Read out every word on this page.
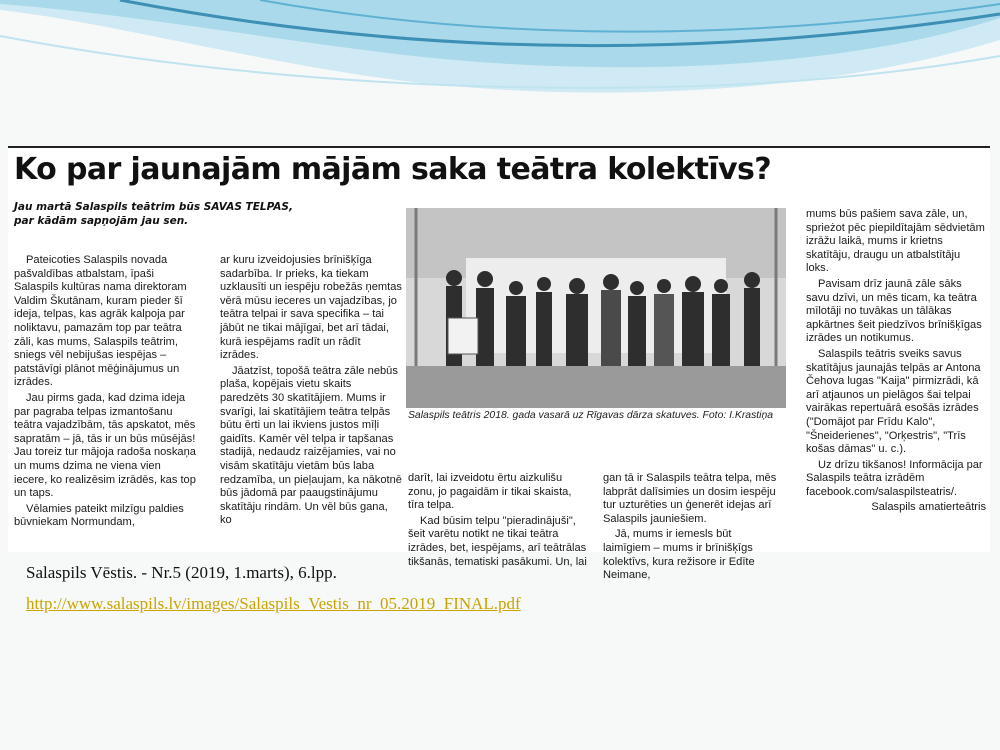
Ko par jaunajām mājām saka teātra kolektīvs?
Jau martā Salaspils teātrim būs SAVAS TELPAS, par kādām sapņojām jau sen.

Pateicoties Salaspils novada pašvaldības atbalstam, īpaši Salaspils kultūras nama direktoram Valdim Škutānam, kuram pieder šī ideja, telpas, kas agrāk kalpoja par noliktavu, pamazām top par teātra zāli, kas mums, Salaspils teātrim, sniegs vēl nebijušas iespējas – patstāvīgi plānot mēģinājumus un izrādes.

Jau pirms gada, kad dzima ideja par pagraba telpas izmantošanu teātra vajadzībām, tās apskatot, mēs sapratām – jā, tās ir un būs mūsējās! Jau toreiz tur mājoja radoša noskaņa un mums dzima ne viena vien iecere, ko realizēsim izrādēs, kas top un taps.

Vēlamies pateikt milzīgu paldies būvniekam Normundam,

ar kuru izveidojusies brīnišķīga sadarbība. Ir prieks, ka tiekam uzklausīti un iespēju robežās ņemtas vērā mūsu ieceres un vajadzības, jo teātra telpai ir sava specifika – tai jābūt ne tikai mājīgai, bet arī tādai, kurā iespējams radīt un rādīt izrādes.

Jāatzīst, topošā teātra zāle nebūs plaša, kopējais vietu skaits paredzēts 30 skatītājiem. Mums ir svarīgi, lai skatītājiem teātra telpās būtu ērti un lai ikviens justos mīļi gaidīts. Kamēr vēl telpa ir tapšanas stadijā, nedaudz raizējamies, vai no visām skatītāju vietām būs laba redzamība, un pieļaujam, ka nākotnē būs jādomā par paaugstinājumu skatītāju rindām. Un vēl būs gana, ko

Salaspils teātris 2018. gada vasarā uz Rīgavas dārza skatuves. Foto: I.Krastiņa

darīt, lai izveidotu ērtu aizkulišu zonu, jo pagaidām ir tikai skaista, tīra telpa.

Kad būsim telpu "pieradinājuši", šeit varētu notikt ne tikai teātra izrādes, bet, iespējams, arī teātrālas tikšanās, tematiski pasākumi. Un, lai

gan tā ir Salaspils teātra telpa, mēs labprāt dalīsimies un dosim iespēju tur uzturēties un ģenerēt idejas arī Salaspils jauniešiem.

Jā, mums ir iemesls būt laimīgiem – mums ir brīnišķīgs kolektīvs, kura režisore ir Edīte Neimane,

mums būs pašiem sava zāle, un, sprieżot pēc piepildītajām sēdvietām izrāžu laikā, mums ir krietns skatītāju, draugu un atbalstītāju loks.

Pavisam drīz jaunā zāle sāks savu dzīvi, un mēs ticam, ka teātra mīlotāji no tuvākas un tālākas apkārtnes šeit piedzīvos brīnišķīgas izrādes un notikumus.

Salaspils teātris sveiks savus skatītājus jaunajās telpās ar Antona Čehova lugas "Kaija" pirmizrādi, kā arī atjaunos un pielāgos šai telpai vairākas repertuārā esošās izrādes ("Domājot par Frīdu Kalo", "Šneiderienes", "Orķestris", "Trīs košas dāmas" u. c.).

Uz drīzu tikšanos! Informācija par Salaspils teātra izrādēm facebook.com/salaspilsteatris/.

Salaspils amatierteātris
Salaspils Vēstis. - Nr.5 (2019, 1.marts), 6.lpp.
http://www.salaspils.lv/images/Salaspils_Vestis_nr_05.2019_FINAL.pdf
